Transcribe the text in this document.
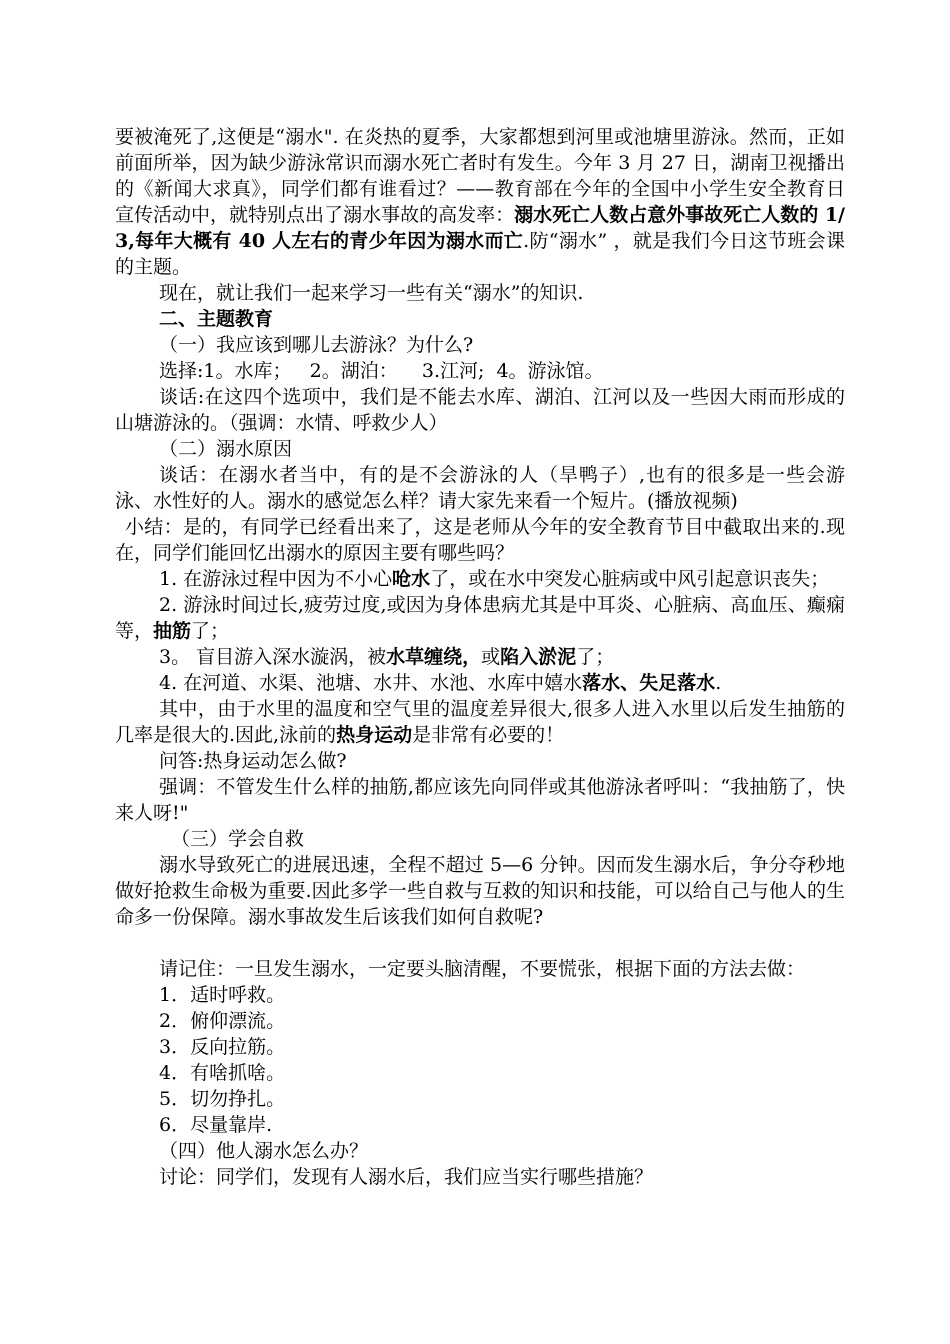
要被淹死了,这便是“溺水". 在炎热的夏季，大家都想到河里或池塘里游泳。然而，正如前面所举，因为缺少游泳常识而溺水死亡者时有发生。今年 3 月 27 日，湖南卫视播出的《新闻大求真》，同学们都有谁看过？——教育部在今年的全国中小学生安全教育日宣传活动中，就特别点出了溺水事故的高发率：溺水死亡人数占意外事故死亡人数的 1/3,每年大概有 40 人左右的青少年因为溺水而亡.防“溺水” ，就是我们今日这节班会课的主题。

现在，就让我们一起来学习一些有关“溺水”的知识.

二、主题教育

（一）我应该到哪儿去游泳？为什么?

选择:1。水库；   2。湖泊：    3.江河;  4。游泳馆。

谈话:在这四个选项中，我们是不能去水库、湖泊、江河以及一些因大雨而形成的山塘游泳的。（强调：水情、呼救少人）

（二）溺水原因

谈话：在溺水者当中，有的是不会游泳的人（旱鸭子）,也有的很多是一些会游泳、水性好的人。溺水的感觉怎么样？请大家先来看一个短片。(播放视频)

小结：是的，有同学已经看出来了，这是老师从今年的安全教育节目中截取出来的.现在，同学们能回忆出溺水的原因主要有哪些吗？

1. 在游泳过程中因为不小心呛水了，或在水中突发心脏病或中风引起意识丧失；

2. 游泳时间过长,疲劳过度,或因为身体患病尤其是中耳炎、心脏病、高血压、癫痫等，抽筋了；

3。 盲目游入深水漩涡，被水草缠绕，或陷入淤泥了；

4. 在河道、水渠、池塘、水井、水池、水库中嬉水落水、失足落水.

其中，由于水里的温度和空气里的温度差异很大,很多人进入水里以后发生抽筋的几率是很大的.因此,泳前的热身运动是非常有必要的！

问答:热身运动怎么做?

强调：不管发生什么样的抽筋,都应该先向同伴或其他游泳者呼叫：“我抽筋了，快来人呀!"

（三）学会自救

溺水导致死亡的进展迅速，全程不超过 5—6 分钟。因而发生溺水后，争分夺秒地做好抢救生命极为重要.因此多学一些自救与互救的知识和技能，可以给自己与他人的生命多一份保障。溺水事故发生后该我们如何自救呢?

请记住：一旦发生溺水，一定要头脑清醒，不要慌张，根据下面的方法去做：

1．适时呼救。

2．俯仰漂流。

3．反向拉筋。

4．有啥抓啥。

5．切勿挣扎。

6．尽量靠岸.

（四）他人溺水怎么办？

讨论：同学们，发现有人溺水后，我们应当实行哪些措施？
